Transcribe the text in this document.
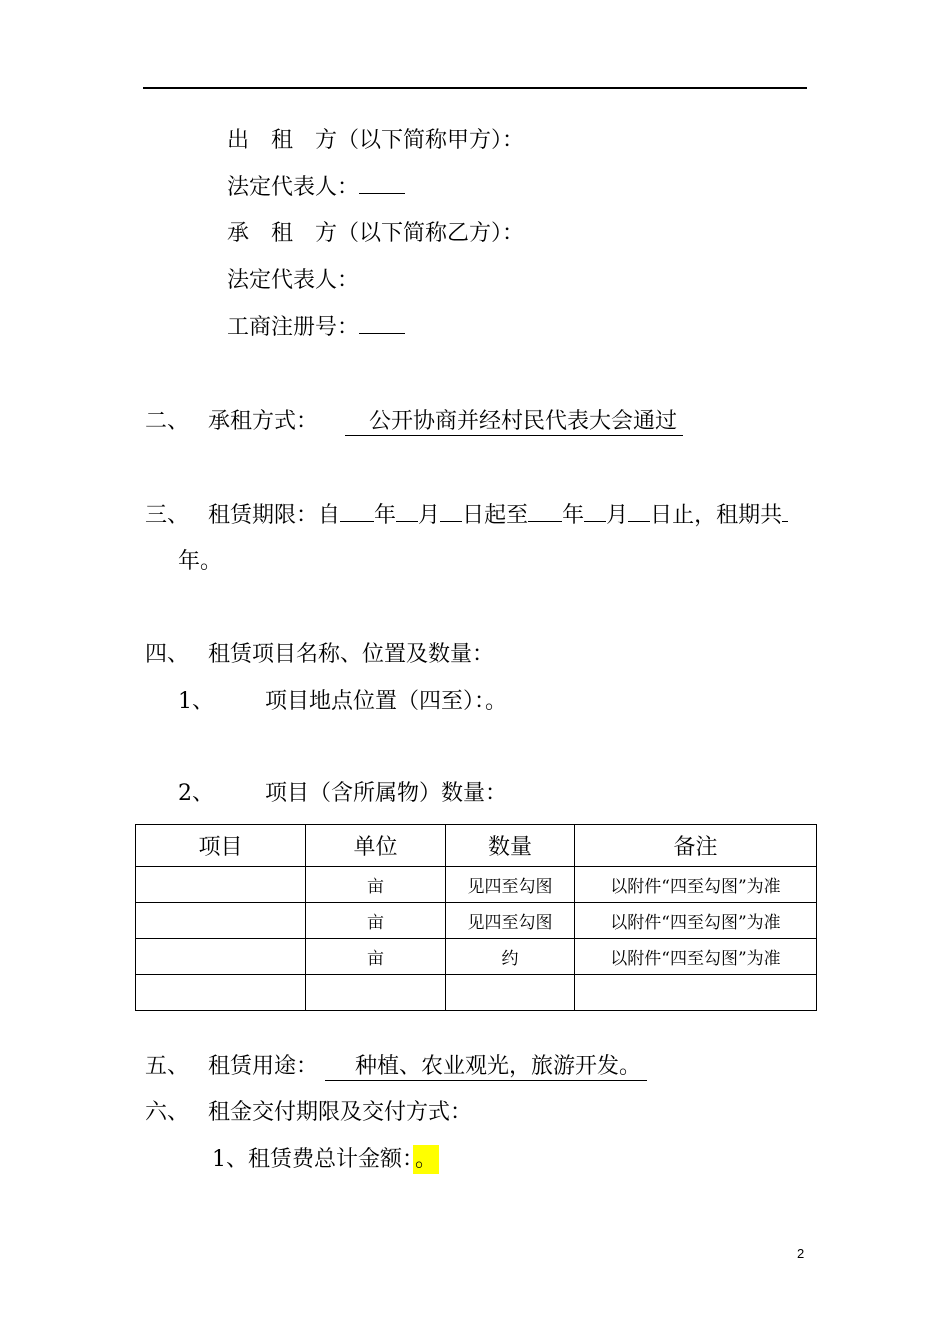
出　租　方（以下简称甲方）：
法定代表人：
承　租　方（以下简称乙方）：
法定代表人：
工商注册号：
二、 承租方式： 公开协商并经村民代表大会通过
三、 租赁期限：自 年 月 日起至 年 月 日止，租期共
年。
四、 租赁项目名称、位置及数量：
1、 项目地点位置（四至）：。
2、 项目（含所属物）数量：
项目	单位	数量	备注
	亩	见四至勾图	以附件“四至勾图”为准
	亩	见四至勾图	以附件“四至勾图”为准
	亩	约	以附件“四至勾图”为准

五、 租赁用途： 种植、农业观光，旅游开发。
六、 租金交付期限及交付方式：
1、租赁费总计金额：。
2
